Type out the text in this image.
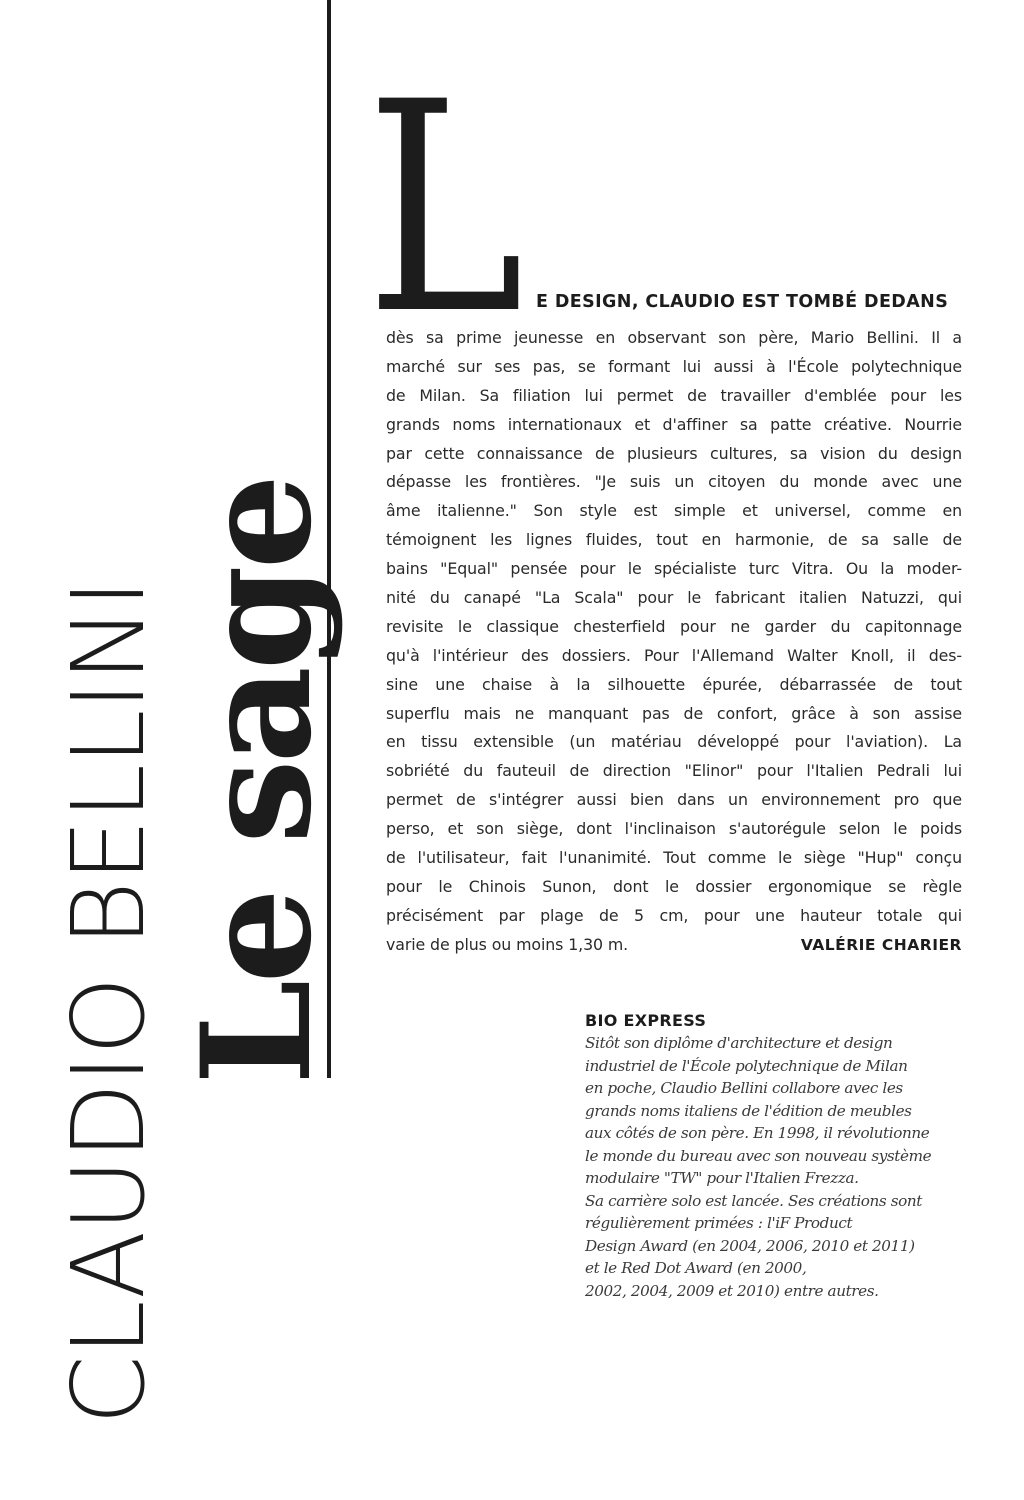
CLAUDIO BELLINI Le sage
L E DESIGN, CLAUDIO EST TOMBÉ DEDANS
dès sa prime jeunesse en observant son père, Mario Bellini. Il a
marché sur ses pas, se formant lui aussi à l'École polytechnique
de Milan. Sa filiation lui permet de travailler d'emblée pour les
grands noms internationaux et d'affiner sa patte créative. Nourrie
par cette connaissance de plusieurs cultures, sa vision du design
dépasse les frontières. "Je suis un citoyen du monde avec une
âme italienne." Son style est simple et universel, comme en
témoignent les lignes fluides, tout en harmonie, de sa salle de
bains "Equal" pensée pour le spécialiste turc Vitra. Ou la moder-
nité du canapé "La Scala" pour le fabricant italien Natuzzi, qui
revisite le classique chesterfield pour ne garder du capitonnage
qu'à l'intérieur des dossiers. Pour l'Allemand Walter Knoll, il des-
sine une chaise à la silhouette épurée, débarrassée de tout
superflu mais ne manquant pas de confort, grâce à son assise
en tissu extensible (un matériau développé pour l'aviation). La
sobriété du fauteuil de direction "Elinor" pour l'Italien Pedrali lui
permet de s'intégrer aussi bien dans un environnement pro que
perso, et son siège, dont l'inclinaison s'autorégule selon le poids
de l'utilisateur, fait l'unanimité. Tout comme le siège "Hup" conçu
pour le Chinois Sunon, dont le dossier ergonomique se règle
précisément par plage de 5 cm, pour une hauteur totale qui
varie de plus ou moins 1,30 m.	VALÉRIE CHARIER
BIO EXPRESS
Sitôt son diplôme d'architecture et design
industriel de l'École polytechnique de Milan
en poche, Claudio Bellini collabore avec les
grands noms italiens de l'édition de meubles
aux côtés de son père. En 1998, il révolutionne
le monde du bureau avec son nouveau système
modulaire "TW" pour l'Italien Frezza.
Sa carrière solo est lancée. Ses créations sont
régulièrement primées : l'iF Product
Design Award (en 2004, 2006, 2010 et 2011)
et le Red Dot Award (en 2000,
2002, 2004, 2009 et 2010) entre autres.
